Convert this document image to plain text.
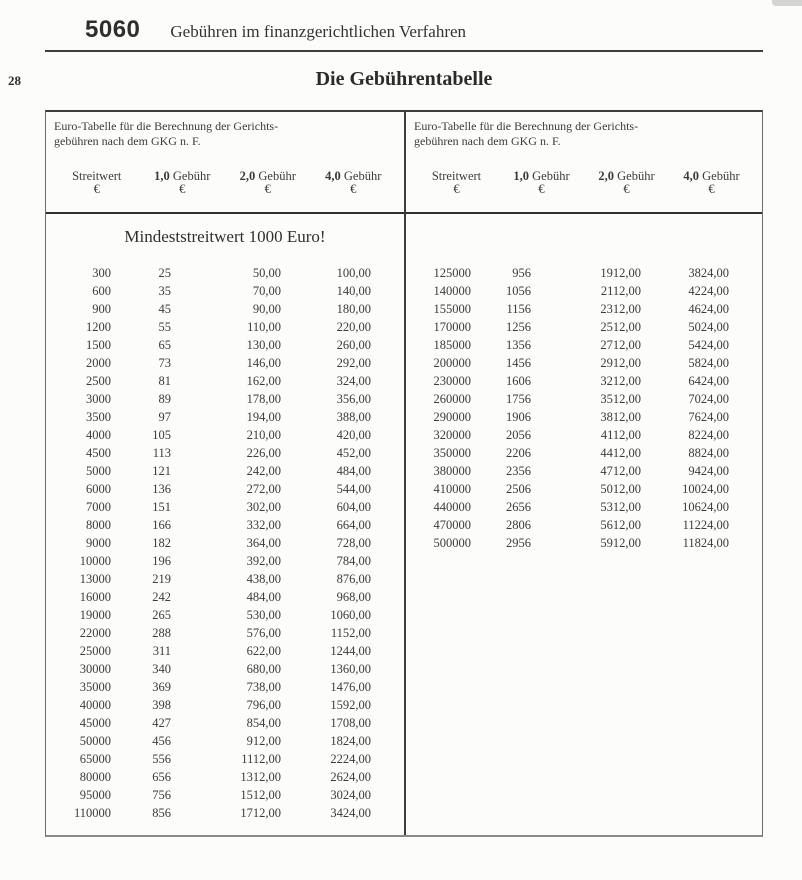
5060 Gebühren im finanzgerichtlichen Verfahren
28	Die Gebührentabelle
Euro-Tabelle für die Berechnung der Gerichts-
gebühren nach dem GKG n. F.
Streitwert
€
1,0 Gebühr
€
2,0 Gebühr
€
4,0 Gebühr
€
Mindeststreitwert 1000 Euro!
300	25	50,00	100,00
600	35	70,00	140,00
900	45	90,00	180,00
1200	55	110,00	220,00
1500	65	130,00	260,00
2000	73	146,00	292,00
2500	81	162,00	324,00
3000	89	178,00	356,00
3500	97	194,00	388,00
4000	105	210,00	420,00
4500	113	226,00	452,00
5000	121	242,00	484,00
6000	136	272,00	544,00
7000	151	302,00	604,00
8000	166	332,00	664,00
9000	182	364,00	728,00
10000	196	392,00	784,00
13000	219	438,00	876,00
16000	242	484,00	968,00
19000	265	530,00	1060,00
22000	288	576,00	1152,00
25000	311	622,00	1244,00
30000	340	680,00	1360,00
35000	369	738,00	1476,00
40000	398	796,00	1592,00
45000	427	854,00	1708,00
50000	456	912,00	1824,00
65000	556	1112,00	2224,00
80000	656	1312,00	2624,00
95000	756	1512,00	3024,00
110000	856	1712,00	3424,00
Euro-Tabelle für die Berechnung der Gerichts-
gebühren nach dem GKG n. F.
Streitwert
€
1,0 Gebühr
€
2,0 Gebühr
€
4,0 Gebühr
€
125000	956	1912,00	3824,00
140000	1056	2112,00	4224,00
155000	1156	2312,00	4624,00
170000	1256	2512,00	5024,00
185000	1356	2712,00	5424,00
200000	1456	2912,00	5824,00
230000	1606	3212,00	6424,00
260000	1756	3512,00	7024,00
290000	1906	3812,00	7624,00
320000	2056	4112,00	8224,00
350000	2206	4412,00	8824,00
380000	2356	4712,00	9424,00
410000	2506	5012,00	10024,00
440000	2656	5312,00	10624,00
470000	2806	5612,00	11224,00
500000	2956	5912,00	11824,00
